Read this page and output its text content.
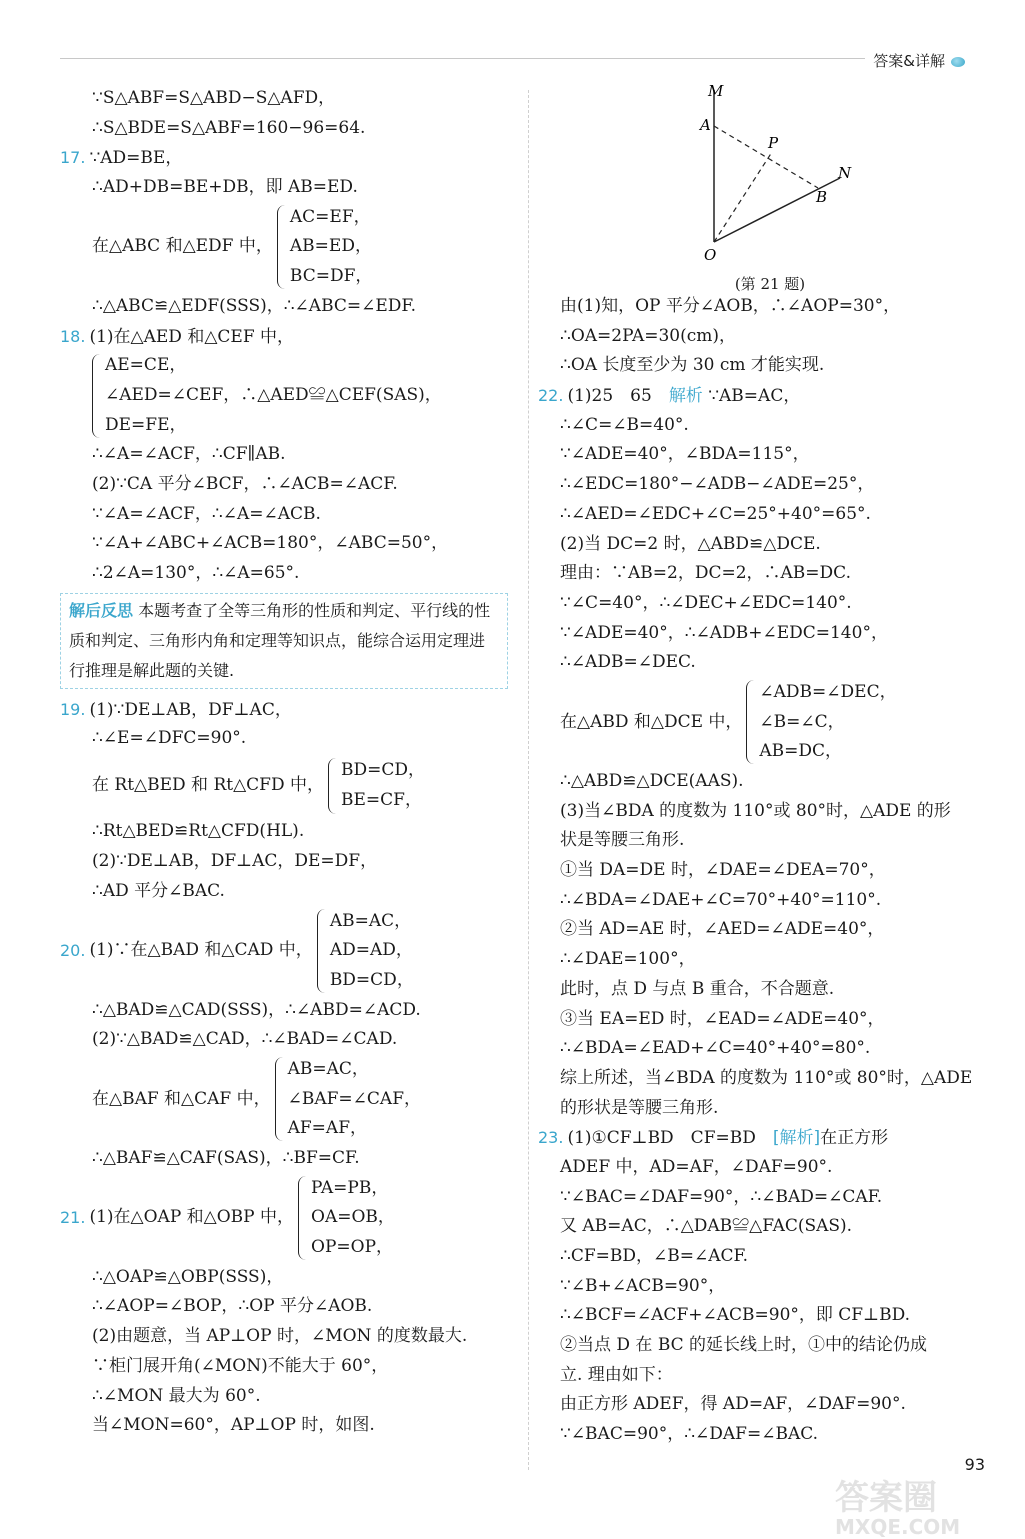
答案&详解
∵S△ABF=S△ABD−S△AFD，
∴S△BDE=S△ABF=160−96=64.
17. ∵AD=BE，
∴AD+DB=BE+DB，即 AB=ED.
在△ABC 和△EDF 中，
AC=EF，
AB=ED，
BC=DF，
∴△ABC≌△EDF(SSS)，∴∠ABC=∠EDF.
18. (1)在△AED 和△CEF 中，
AE=CE，
∠AED=∠CEF，∴△AED≌△CEF(SAS)，
DE=FE，
∴∠A=∠ACF，∴CF∥AB.
(2)∵CA 平分∠BCF，∴∠ACB=∠ACF.
∵∠A=∠ACF，∴∠A=∠ACB.
∵∠A+∠ABC+∠ACB=180°，∠ABC=50°，
∴2∠A=130°，∴∠A=65°.
解后反思 本题考查了全等三角形的性质和判定、平行线的性质和判定、三角形内角和定理等知识点，能综合运用定理进行推理是解此题的关键.
19. (1)∵DE⊥AB，DF⊥AC，
∴∠E=∠DFC=90°.
在 Rt△BED 和 Rt△CFD 中，
BD=CD，
BE=CF，
∴Rt△BED≌Rt△CFD(HL).
(2)∵DE⊥AB，DF⊥AC，DE=DF，
∴AD 平分∠BAC.
20. (1)∵在△BAD 和△CAD 中，
AB=AC，
AD=AD，
BD=CD，
∴△BAD≌△CAD(SSS)，∴∠ABD=∠ACD.
(2)∵△BAD≌△CAD，∴∠BAD=∠CAD.
在△BAF 和△CAF 中，
AB=AC，
∠BAF=∠CAF，
AF=AF，
∴△BAF≌△CAF(SAS)，∴BF=CF.
21. (1)在△OAP 和△OBP 中，
PA=PB，
OA=OB，
OP=OP，
∴△OAP≌△OBP(SSS)，
∴∠AOP=∠BOP，∴OP 平分∠AOB.
(2)由题意，当 AP⊥OP 时，∠MON 的度数最大.
∵柜门展开角(∠MON)不能大于 60°，
∴∠MON 最大为 60°.
当∠MON=60°，AP⊥OP 时，如图.
M
A
P
N
B
O
(第 21 题)
由(1)知，OP 平分∠AOB，∴∠AOP=30°，
∴OA=2PA=30(cm)，
∴OA 长度至少为 30 cm 才能实现.
22. (1)25　65　解析 ∵AB=AC，
∴∠C=∠B=40°.
∵∠ADE=40°，∠BDA=115°，
∴∠EDC=180°−∠ADB−∠ADE=25°，
∴∠AED=∠EDC+∠C=25°+40°=65°.
(2)当 DC=2 时，△ABD≌△DCE.
理由：∵AB=2，DC=2，∴AB=DC.
∵∠C=40°，∴∠DEC+∠EDC=140°.
∵∠ADE=40°，∴∠ADB+∠EDC=140°，
∴∠ADB=∠DEC.
在△ABD 和△DCE 中，
∠ADB=∠DEC，
∠B=∠C，
AB=DC，
∴△ABD≌△DCE(AAS).
(3)当∠BDA 的度数为 110°或 80°时，△ADE 的形
状是等腰三角形.
①当 DA=DE 时，∠DAE=∠DEA=70°，
∴∠BDA=∠DAE+∠C=70°+40°=110°.
②当 AD=AE 时，∠AED=∠ADE=40°，
∴∠DAE=100°，
此时，点 D 与点 B 重合，不合题意.
③当 EA=ED 时，∠EAD=∠ADE=40°，
∴∠BDA=∠EAD+∠C=40°+40°=80°.
综上所述，当∠BDA 的度数为 110°或 80°时，△ADE
的形状是等腰三角形.
23. (1)①CF⊥BD　CF=BD　[解析]在正方形
ADEF 中，AD=AF，∠DAF=90°.
∵∠BAC=∠DAF=90°，∴∠BAD=∠CAF.
又 AB=AC，∴△DAB≌△FAC(SAS).
∴CF=BD，∠B=∠ACF.
∵∠B+∠ACB=90°，
∴∠BCF=∠ACF+∠ACB=90°，即 CF⊥BD.
②当点 D 在 BC 的延长线上时，①中的结论仍成
立. 理由如下：
由正方形 ADEF，得 AD=AF，∠DAF=90°.
∵∠BAC=90°，∴∠DAF=∠BAC.
93
答案圈
MXQE.COM
